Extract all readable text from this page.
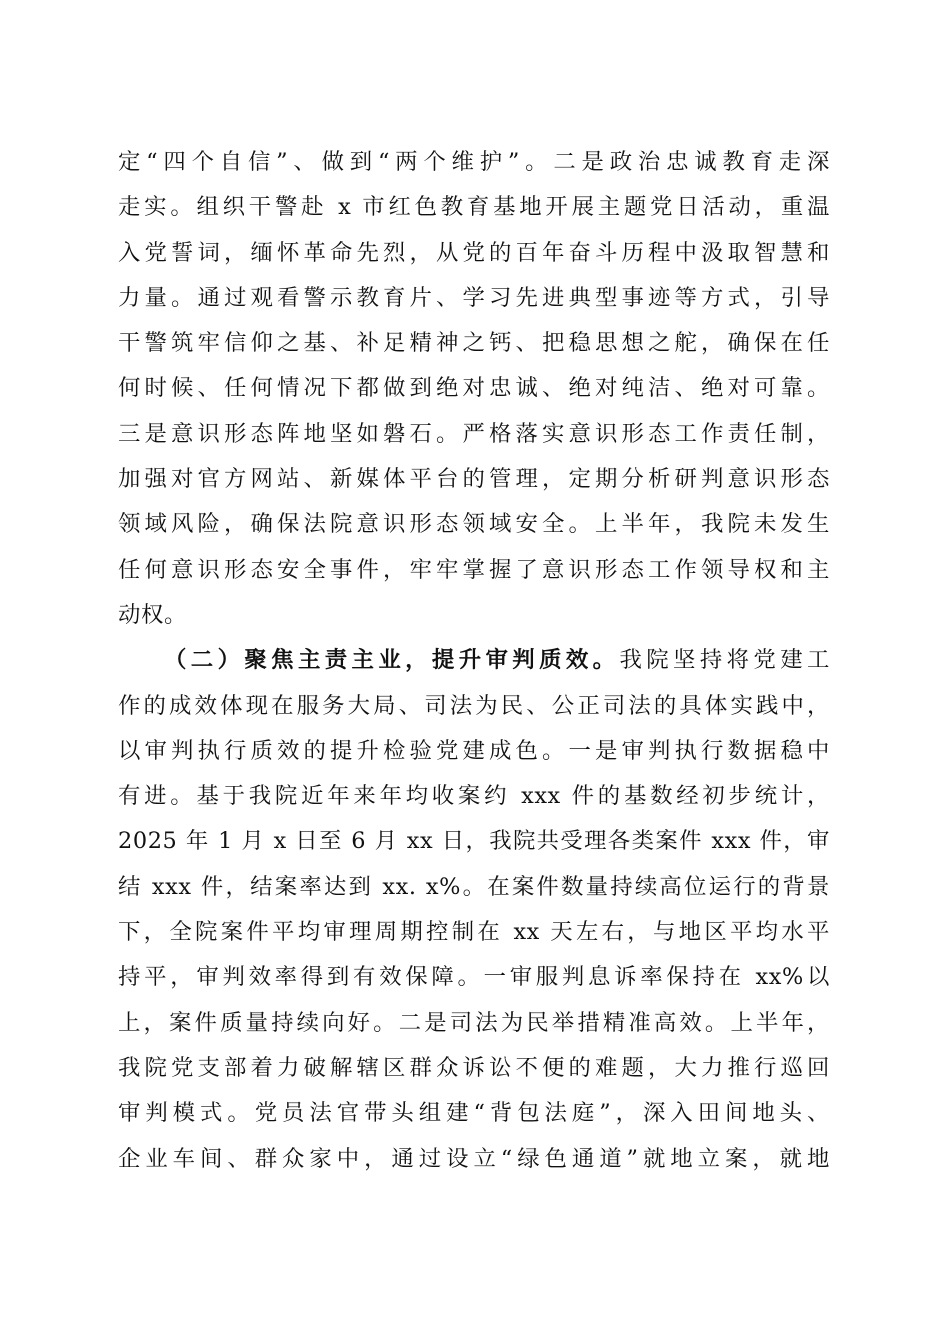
定“四个自信”、做到“两个维护”。二是政治忠诚教育走深
走实。组织干警赴 x 市红色教育基地开展主题党日活动，重温
入党誓词，缅怀革命先烈，从党的百年奋斗历程中汲取智慧和
力量。通过观看警示教育片、学习先进典型事迹等方式，引导
干警筑牢信仰之基、补足精神之钙、把稳思想之舵，确保在任
何时候、任何情况下都做到绝对忠诚、绝对纯洁、绝对可靠。
三是意识形态阵地坚如磐石。严格落实意识形态工作责任制，
加强对官方网站、新媒体平台的管理，定期分析研判意识形态
领域风险，确保法院意识形态领域安全。上半年，我院未发生
任何意识形态安全事件，牢牢掌握了意识形态工作领导权和主
动权。
（二）聚焦主责主业，提升审判质效。我院坚持将党建工
作的成效体现在服务大局、司法为民、公正司法的具体实践中，
以审判执行质效的提升检验党建成色。一是审判执行数据稳中
有进。基于我院近年来年均收案约 xxx 件的基数经初步统计，
2025 年 1 月 x 日至 6 月 xx 日，我院共受理各类案件 xxx 件，审
结 xxx 件，结案率达到 xx. x%。在案件数量持续高位运行的背景
下，全院案件平均审理周期控制在 xx 天左右，与地区平均水平
持平，审判效率得到有效保障。一审服判息诉率保持在 xx%以
上，案件质量持续向好。二是司法为民举措精准高效。上半年，
我院党支部着力破解辖区群众诉讼不便的难题，大力推行巡回
审判模式。党员法官带头组建“背包法庭”，深入田间地头、
企业车间、群众家中，通过设立“绿色通道”就地立案，就地
